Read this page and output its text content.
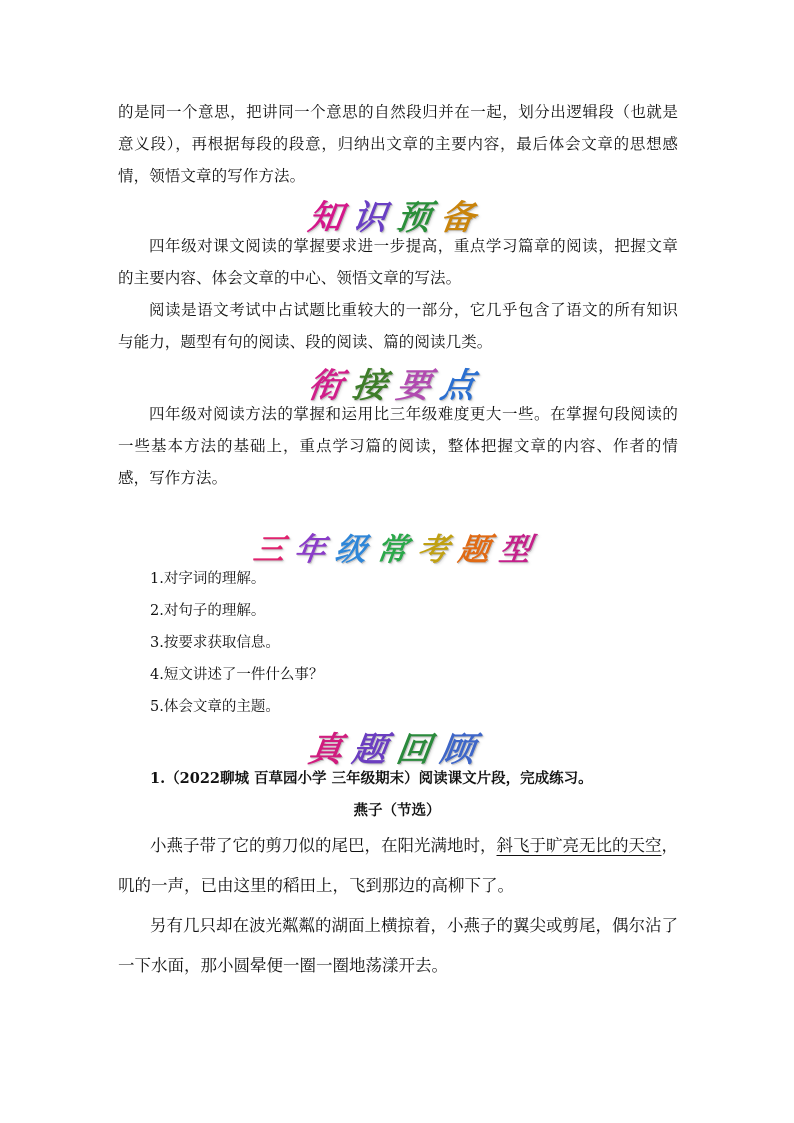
的是同一个意思，把讲同一个意思的自然段归并在一起，划分出逻辑段（也就是意义段），再根据每段的段意，归纳出文章的主要内容，最后体会文章的思想感情，领悟文章的写作方法。

知识预备

四年级对课文阅读的掌握要求进一步提高，重点学习篇章的阅读，把握文章的主要内容、体会文章的中心、领悟文章的写法。

阅读是语文考试中占试题比重较大的一部分，它几乎包含了语文的所有知识与能力，题型有句的阅读、段的阅读、篇的阅读几类。

衔接要点

四年级对阅读方法的掌握和运用比三年级难度更大一些。在掌握句段阅读的一些基本方法的基础上，重点学习篇的阅读，整体把握文章的内容、作者的情感，写作方法。

三年级常考题型
1.对字词的理解。
2.对句子的理解。
3.按要求获取信息。
4.短文讲述了一件什么事？
5.体会文章的主题。
真题回顾
1.（2022聊城 百草园小学 三年级期末）阅读课文片段，完成练习。
燕子（节选）

小燕子带了它的剪刀似的尾巴，在阳光满地时，斜飞于旷亮无比的天空，叽的一声，已由这里的稻田上，飞到那边的高柳下了。

另有几只却在波光粼粼的湖面上横掠着，小燕子的翼尖或剪尾，偶尔沾了一下水面，那小圆晕便一圈一圈地荡漾开去。
